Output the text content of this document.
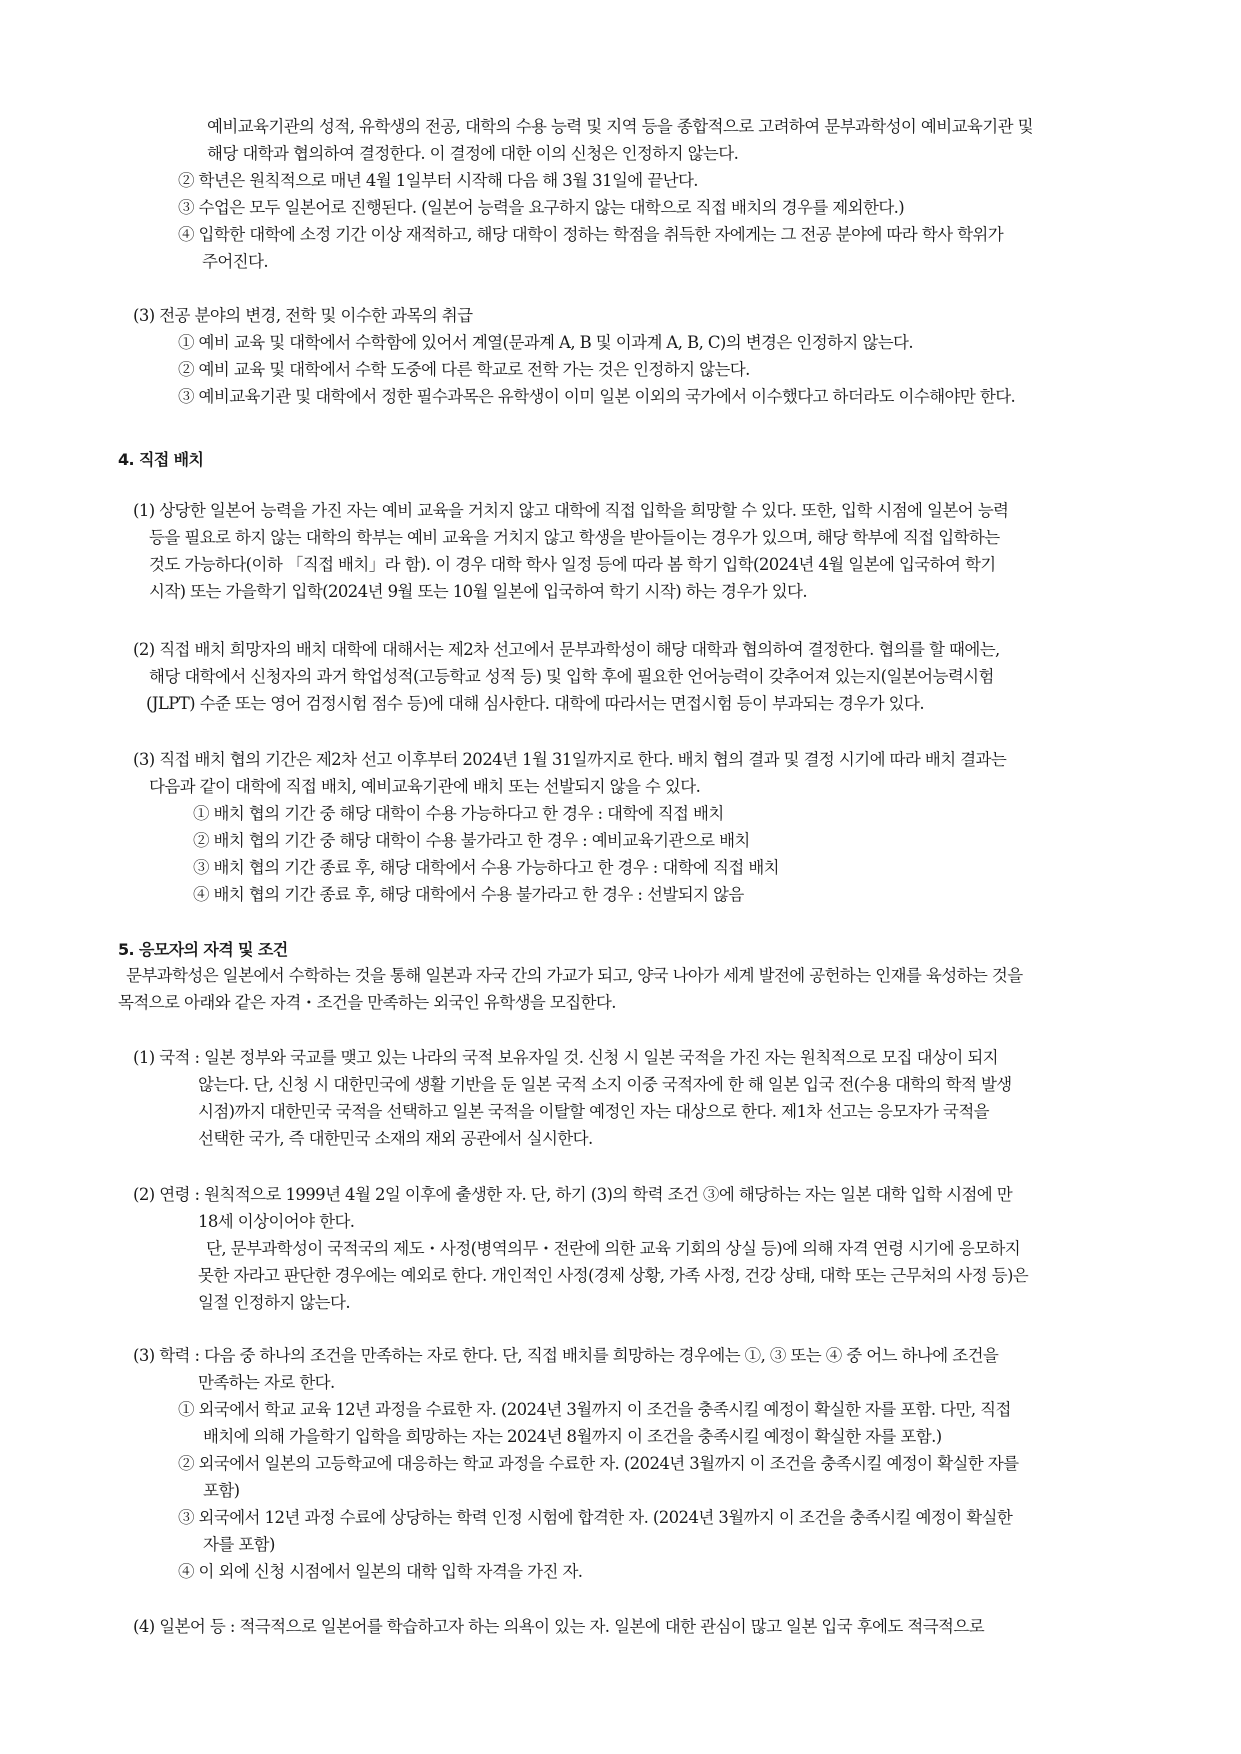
예비교육기관의 성적, 유학생의 전공, 대학의 수용 능력 및 지역 등을 종합적으로 고려하여 문부과학성이 예비교육기관 및
해당 대학과 협의하여 결정한다. 이 결정에 대한 이의 신청은 인정하지 않는다.
② 학년은 원칙적으로 매년 4월 1일부터 시작해 다음 해 3월 31일에 끝난다.
③ 수업은 모두 일본어로 진행된다. (일본어 능력을 요구하지 않는 대학으로 직접 배치의 경우를 제외한다.)
④ 입학한 대학에 소정 기간 이상 재적하고, 해당 대학이 정하는 학점을 취득한 자에게는 그 전공 분야에 따라 학사 학위가
주어진다.
(3) 전공 분야의 변경, 전학 및 이수한 과목의 취급
① 예비 교육 및 대학에서 수학함에 있어서 계열(문과계 A, B 및 이과계 A, B, C)의 변경은 인정하지 않는다.
② 예비 교육 및 대학에서 수학 도중에 다른 학교로 전학 가는 것은 인정하지 않는다.
③ 예비교육기관 및 대학에서 정한 필수과목은 유학생이 이미 일본 이외의 국가에서 이수했다고 하더라도 이수해야만 한다.
4. 직접 배치
(1) 상당한 일본어 능력을 가진 자는 예비 교육을 거치지 않고 대학에 직접 입학을 희망할 수 있다. 또한, 입학 시점에 일본어 능력
등을 필요로 하지 않는 대학의 학부는 예비 교육을 거치지 않고 학생을 받아들이는 경우가 있으며, 해당 학부에 직접 입학하는
것도 가능하다(이하 「직접 배치」라 함). 이 경우 대학 학사 일정 등에 따라 봄 학기 입학(2024년 4월 일본에 입국하여 학기
시작) 또는 가을학기 입학(2024년 9월 또는 10월 일본에 입국하여 학기 시작) 하는 경우가 있다.
(2) 직접 배치 희망자의 배치 대학에 대해서는 제2차 선고에서 문부과학성이 해당 대학과 협의하여 결정한다. 협의를 할 때에는,
해당 대학에서 신청자의 과거 학업성적(고등학교 성적 등) 및 입학 후에 필요한 언어능력이 갖추어져 있는지(일본어능력시험
(JLPT) 수준 또는 영어 검정시험 점수 등)에 대해 심사한다. 대학에 따라서는 면접시험 등이 부과되는 경우가 있다.
(3) 직접 배치 협의 기간은 제2차 선고 이후부터 2024년 1월 31일까지로 한다. 배치 협의 결과 및 결정 시기에 따라 배치 결과는
다음과 같이 대학에 직접 배치, 예비교육기관에 배치 또는 선발되지 않을 수 있다.
① 배치 협의 기간 중 해당 대학이 수용 가능하다고 한 경우 : 대학에 직접 배치
② 배치 협의 기간 중 해당 대학이 수용 불가라고 한 경우 : 예비교육기관으로 배치
③ 배치 협의 기간 종료 후, 해당 대학에서 수용 가능하다고 한 경우 : 대학에 직접 배치
④ 배치 협의 기간 종료 후, 해당 대학에서 수용 불가라고 한 경우 : 선발되지 않음
5. 응모자의 자격 및 조건
문부과학성은 일본에서 수학하는 것을 통해 일본과 자국 간의 가교가 되고, 양국 나아가 세계 발전에 공헌하는 인재를 육성하는 것을
목적으로 아래와 같은 자격・조건을 만족하는 외국인 유학생을 모집한다.
(1) 국적 : 일본 정부와 국교를 맺고 있는 나라의 국적 보유자일 것. 신청 시 일본 국적을 가진 자는 원칙적으로 모집 대상이 되지
않는다. 단, 신청 시 대한민국에 생활 기반을 둔 일본 국적 소지 이중 국적자에 한 해 일본 입국 전(수용 대학의 학적 발생
시점)까지 대한민국 국적을 선택하고 일본 국적을 이탈할 예정인 자는 대상으로 한다. 제1차 선고는 응모자가 국적을
선택한 국가, 즉 대한민국 소재의 재외 공관에서 실시한다.
(2) 연령 : 원칙적으로 1999년 4월 2일 이후에 출생한 자. 단, 하기 (3)의 학력 조건 ③에 해당하는 자는 일본 대학 입학 시점에 만
18세 이상이어야 한다.
단, 문부과학성이 국적국의 제도・사정(병역의무・전란에 의한 교육 기회의 상실 등)에 의해 자격 연령 시기에 응모하지
못한 자라고 판단한 경우에는 예외로 한다. 개인적인 사정(경제 상황, 가족 사정, 건강 상태, 대학 또는 근무처의 사정 등)은
일절 인정하지 않는다.
(3) 학력 : 다음 중 하나의 조건을 만족하는 자로 한다. 단, 직접 배치를 희망하는 경우에는 ①, ③ 또는 ④ 중 어느 하나에 조건을
만족하는 자로 한다.
① 외국에서 학교 교육 12년 과정을 수료한 자. (2024년 3월까지 이 조건을 충족시킬 예정이 확실한 자를 포함. 다만, 직접
배치에 의해 가을학기 입학을 희망하는 자는 2024년 8월까지 이 조건을 충족시킬 예정이 확실한 자를 포함.)
② 외국에서 일본의 고등학교에 대응하는 학교 과정을 수료한 자. (2024년 3월까지 이 조건을 충족시킬 예정이 확실한 자를
포함)
③ 외국에서 12년 과정 수료에 상당하는 학력 인정 시험에 합격한 자. (2024년 3월까지 이 조건을 충족시킬 예정이 확실한
자를 포함)
④ 이 외에 신청 시점에서 일본의 대학 입학 자격을 가진 자.
(4) 일본어 등 : 적극적으로 일본어를 학습하고자 하는 의욕이 있는 자. 일본에 대한 관심이 많고 일본 입국 후에도 적극적으로
